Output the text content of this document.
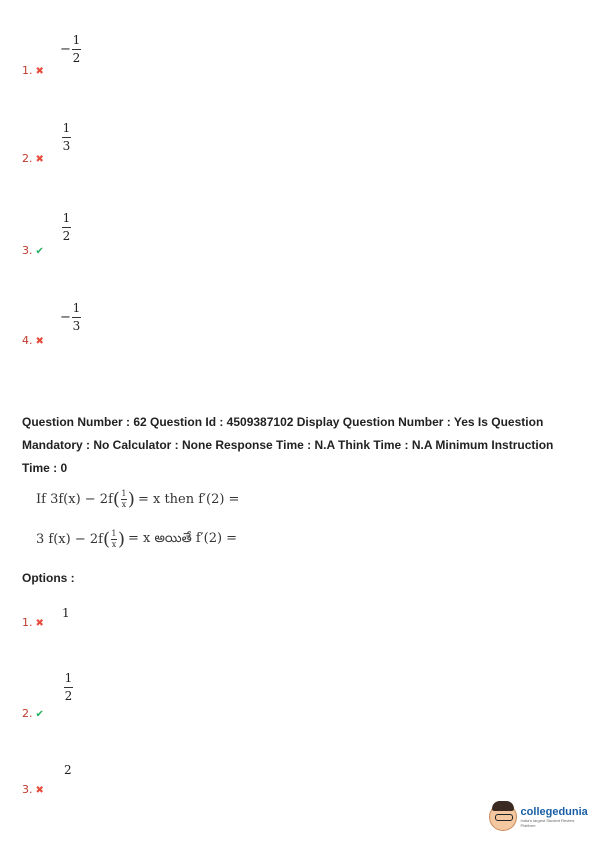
−
1
2
1. ✖
1
3
2. ✖
1
2
3. ✔
−
1
3
4. ✖
Question Number : 62 Question Id : 4509387102 Display Question Number : Yes Is Question Mandatory : No Calculator : None Response Time : N.A Think Time : N.A Minimum Instruction Time : 0
If 3f(x) − 2f ( 1
x ) = x then f′(2) =
3 f(x) − 2f ( 1
x ) = x అయితే f′(2) =
Options :
1
1. ✖
1
2
2. ✔
2
3. ✖
collegedunia
India's largest Student Review Platform
